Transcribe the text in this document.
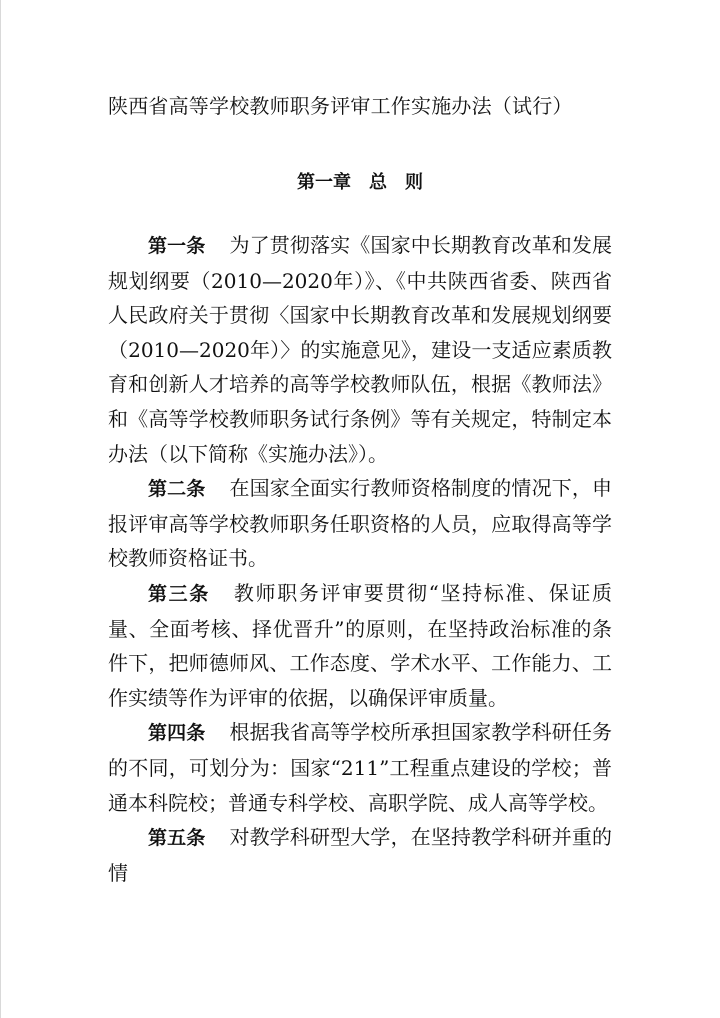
陕西省高等学校教师职务评审工作实施办法（试行）
第一章　总　则

第一条 为了贯彻落实《国家中长期教育改革和发展规划纲要（2010—2020年）》、《中共陕西省委、陕西省人民政府关于贯彻〈国家中长期教育改革和发展规划纲要（2010—2020年）〉的实施意见》，建设一支适应素质教育和创新人才培养的高等学校教师队伍，根据《教师法》和《高等学校教师职务试行条例》等有关规定，特制定本办法（以下简称《实施办法》）。

第二条 在国家全面实行教师资格制度的情况下，申报评审高等学校教师职务任职资格的人员，应取得高等学校教师资格证书。

第三条 教师职务评审要贯彻“坚持标准、保证质量、全面考核、择优晋升”的原则，在坚持政治标准的条件下，把师德师风、工作态度、学术水平、工作能力、工作实绩等作为评审的依据，以确保评审质量。

第四条 根据我省高等学校所承担国家教学科研任务的不同，可划分为：国家“211”工程重点建设的学校；普通本科院校；普通专科学校、高职学院、成人高等学校。

第五条 对教学科研型大学，在坚持教学科研并重的情
